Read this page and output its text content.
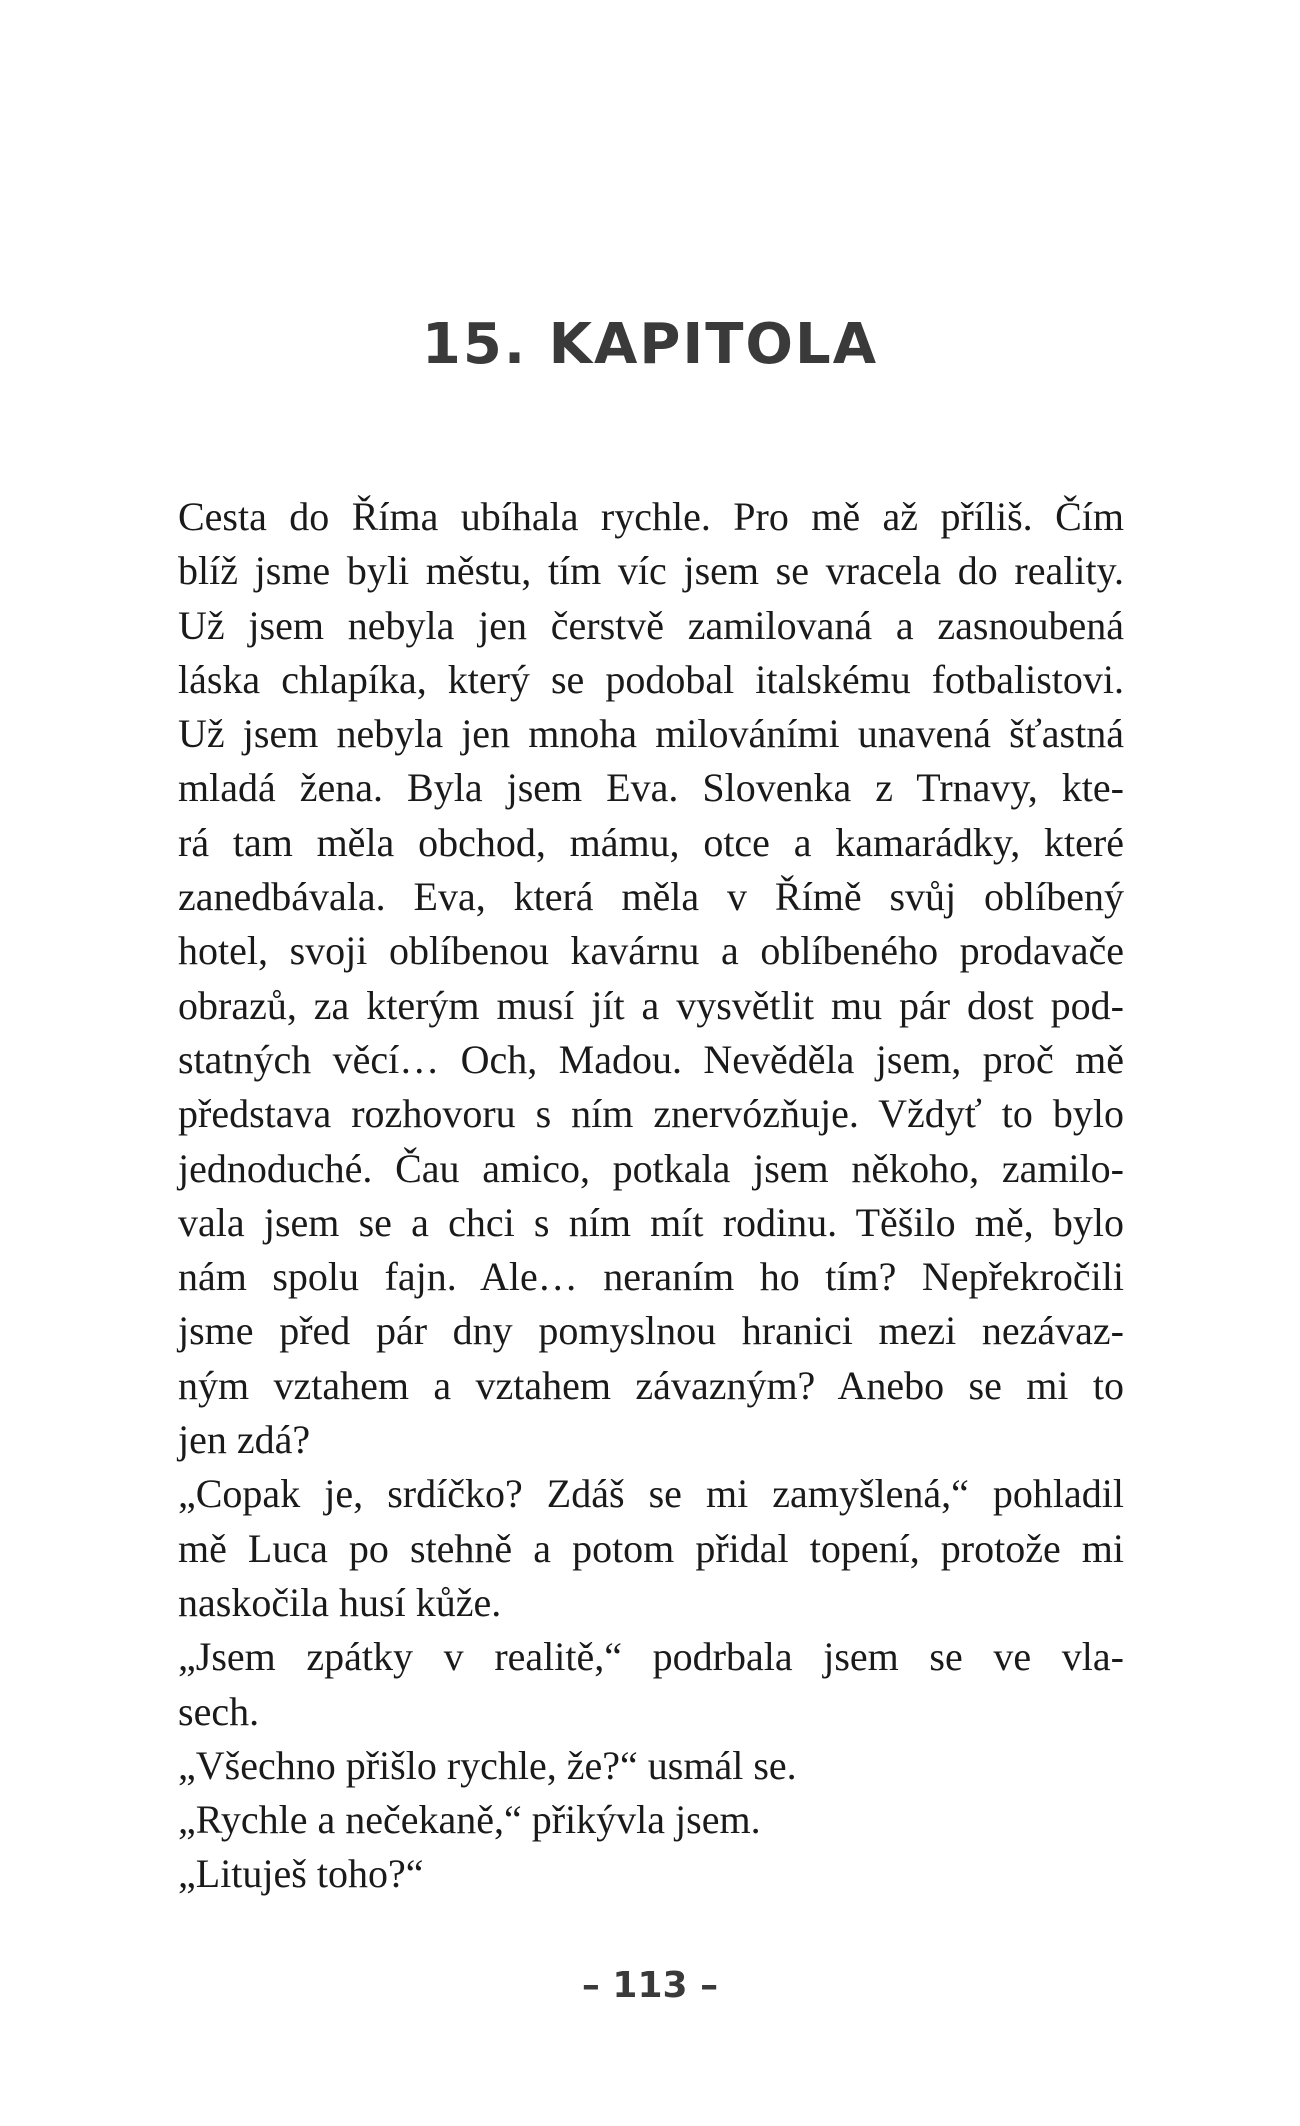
15. KAPITOLA
Cesta do Říma ubíhala rychle. Pro mě až příliš. Čím
blíž jsme byli městu, tím víc jsem se vracela do reality.
Už jsem nebyla jen čerstvě zamilovaná a zasnoubená
láska chlapíka, který se podobal italskému fotbalistovi.
Už jsem nebyla jen mnoha milováními unavená šťastná
mladá žena. Byla jsem Eva. Slovenka z Trnavy, kte-
rá tam měla obchod, mámu, otce a kamarádky, které
zanedbávala. Eva, která měla v Římě svůj oblíbený
hotel, svoji oblíbenou kavárnu a oblíbeného prodavače
obrazů, za kterým musí jít a vysvětlit mu pár dost pod-
statných věcí… Och, Madou. Nevěděla jsem, proč mě
představa rozhovoru s ním znervózňuje. Vždyť to bylo
jednoduché. Čau amico, potkala jsem někoho, zamilo-
vala jsem se a chci s ním mít rodinu. Těšilo mě, bylo
nám spolu fajn. Ale… neraním ho tím? Nepřekročili
jsme před pár dny pomyslnou hranici mezi nezávaz-
ným vztahem a vztahem závazným? Anebo se mi to
jen zdá?
„Copak je, srdíčko? Zdáš se mi zamyšlená,“ pohladil
mě Luca po stehně a potom přidal topení, protože mi
naskočila husí kůže.
„Jsem zpátky v realitě,“ podrbala jsem se ve vla-
sech.
„Všechno přišlo rychle, že?“ usmál se.
„Rychle a nečekaně,“ přikývla jsem.
„Lituješ toho?“
– 113 –
